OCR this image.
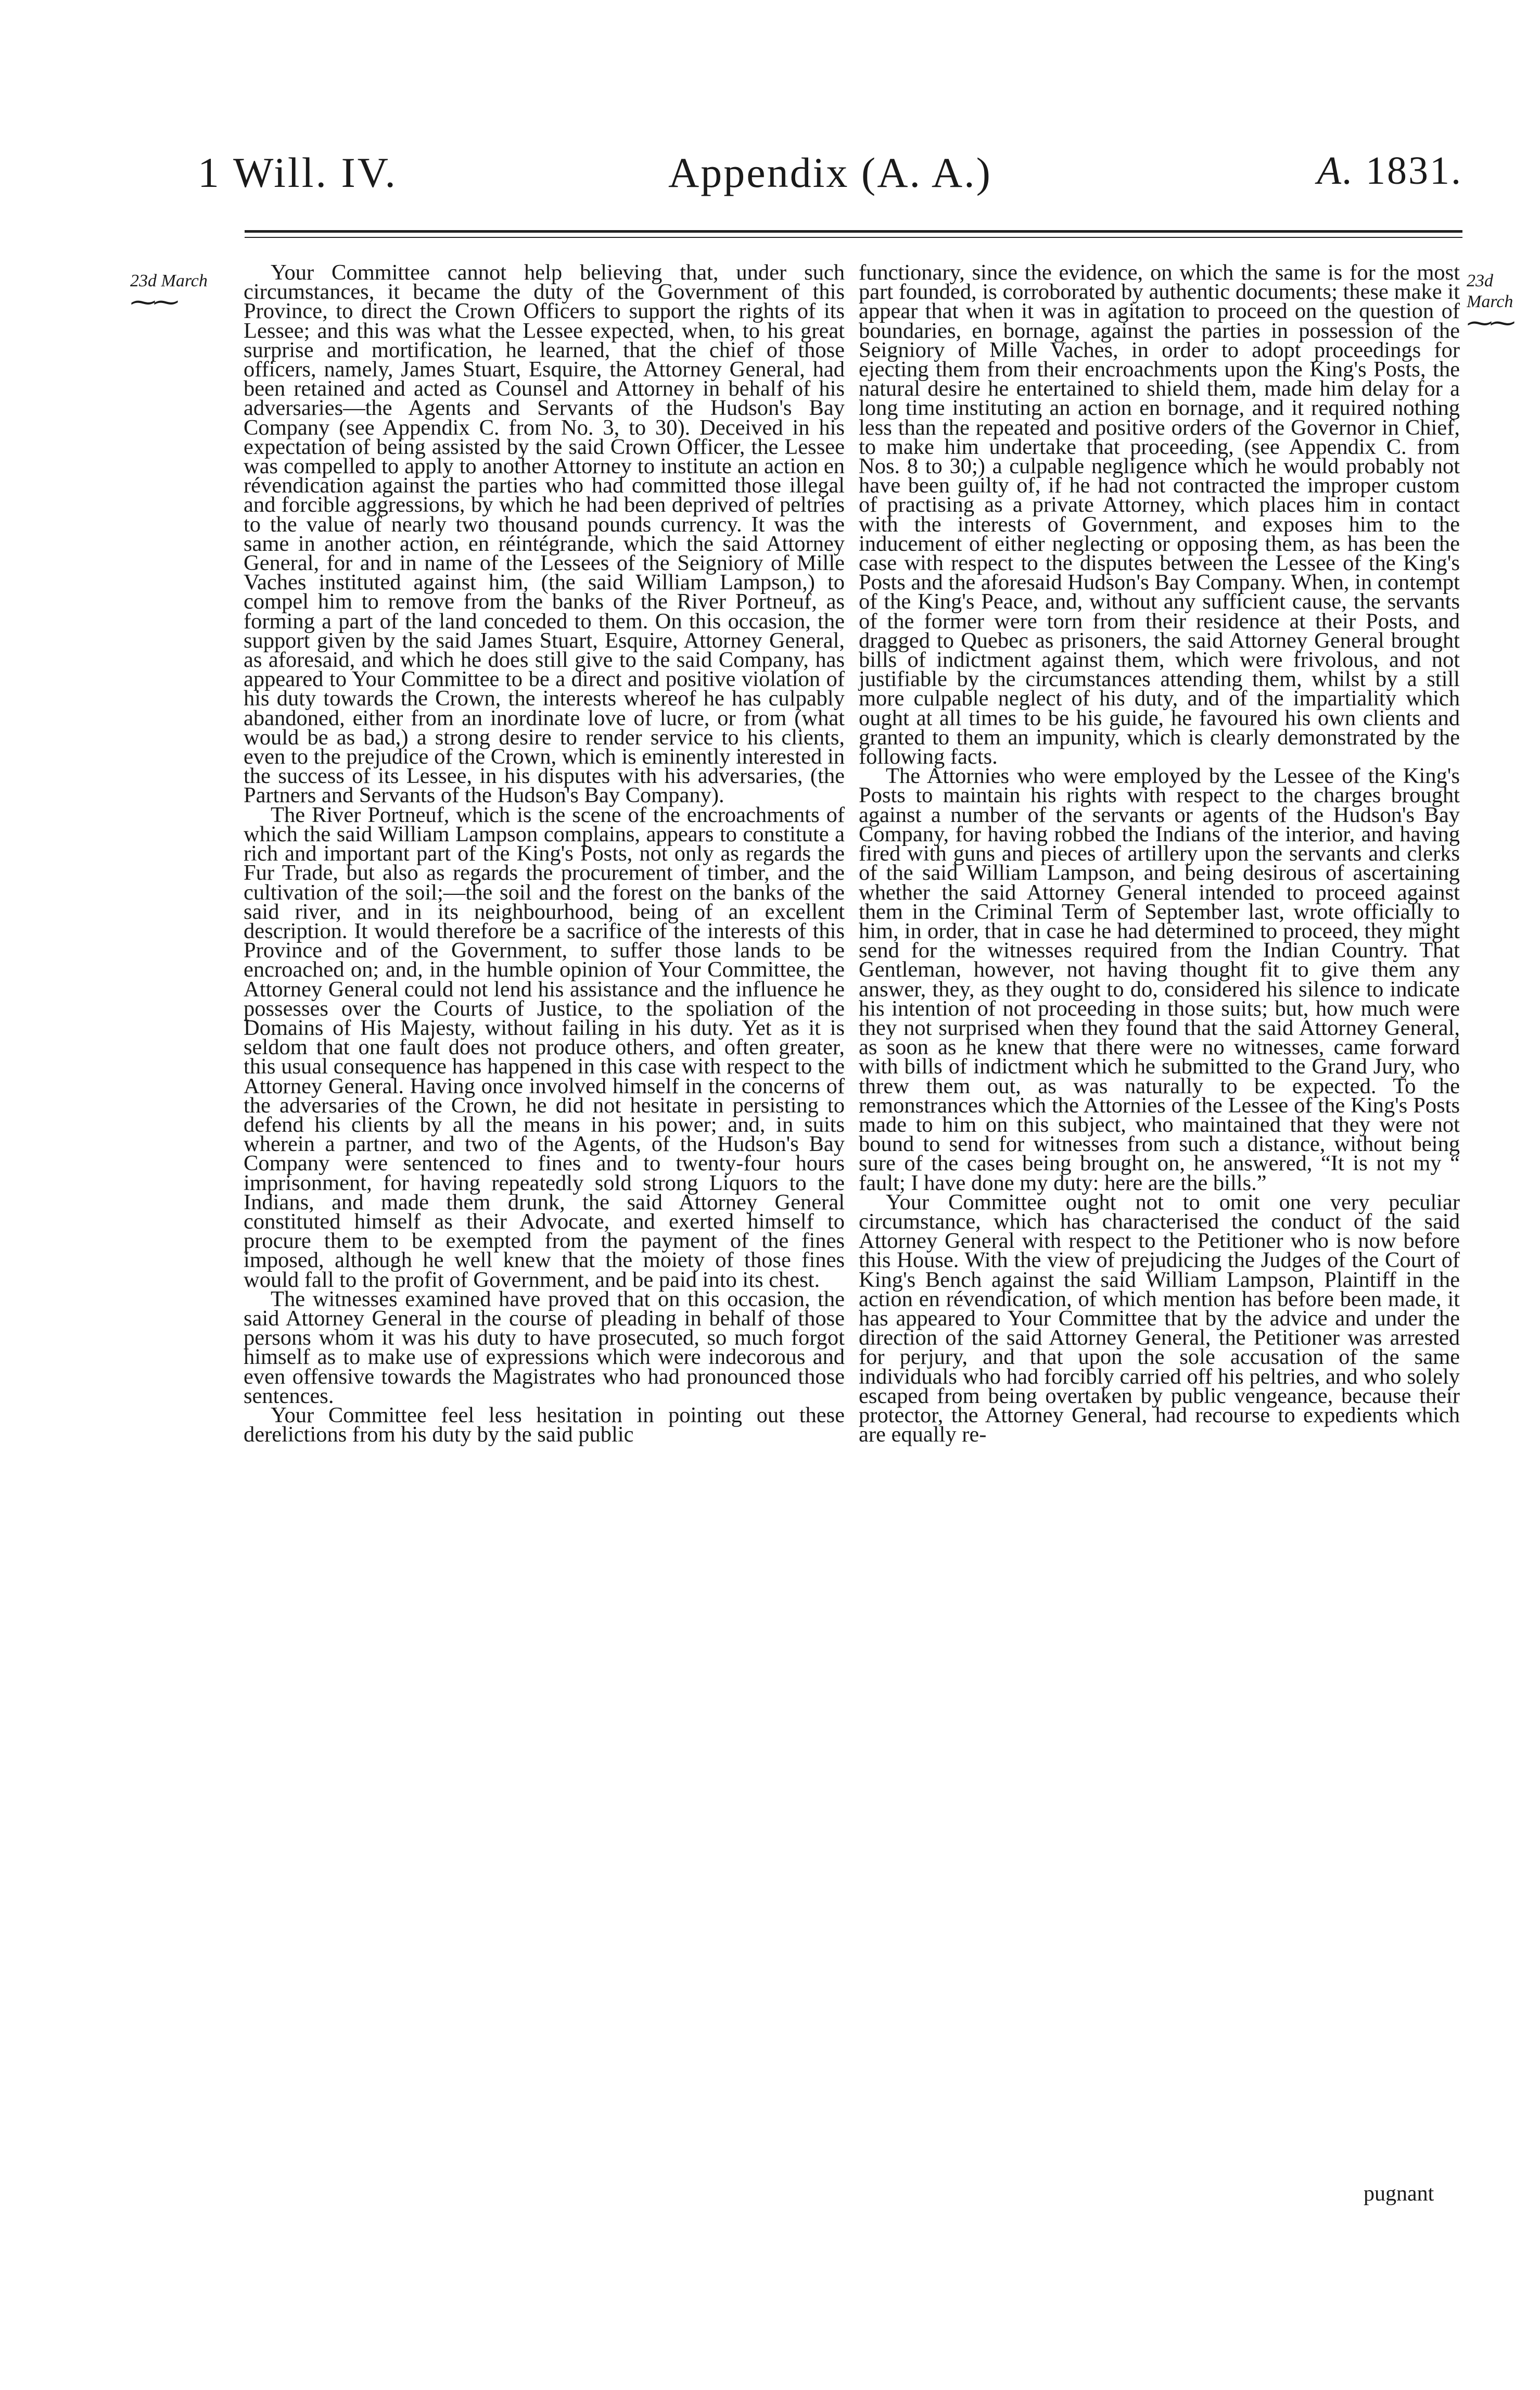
1 Will. IV.	Appendix (A. A.)	A. 1831.
23d March
⁓⁓
23d March
⁓⁓

Your Committee cannot help believing that, under such circumstances, it became the duty of the Government of this Province, to direct the Crown Officers to support the rights of its Lessee; and this was what the Lessee expected, when, to his great surprise and mortification, he learned, that the chief of those officers, namely, James Stuart, Esquire, the Attorney General, had been retained and acted as Counsel and Attorney in behalf of his adversaries—the Agents and Servants of the Hudson's Bay Company (see Appendix C. from No. 3, to 30). Deceived in his expectation of being assisted by the said Crown Officer, the Lessee was compelled to apply to another Attorney to institute an action en révendication against the parties who had committed those illegal and forcible aggressions, by which he had been deprived of peltries to the value of nearly two thousand pounds currency. It was the same in another action, en réintégrande, which the said Attorney General, for and in name of the Lessees of the Seigniory of Mille Vaches instituted against him, (the said William Lampson,) to compel him to remove from the banks of the River Portneuf, as forming a part of the land conceded to them. On this occasion, the support given by the said James Stuart, Esquire, Attorney General, as aforesaid, and which he does still give to the said Company, has appeared to Your Committee to be a direct and positive violation of his duty towards the Crown, the interests whereof he has culpably abandoned, either from an inordinate love of lucre, or from (what would be as bad,) a strong desire to render service to his clients, even to the prejudice of the Crown, which is eminently interested in the success of its Lessee, in his disputes with his adversaries, (the Partners and Servants of the Hudson's Bay Company).

The River Portneuf, which is the scene of the encroachments of which the said William Lampson complains, appears to constitute a rich and important part of the King's Posts, not only as regards the Fur Trade, but also as regards the procurement of timber, and the cultivation of the soil;—the soil and the forest on the banks of the said river, and in its neighbourhood, being of an excellent description. It would therefore be a sacrifice of the interests of this Province and of the Government, to suffer those lands to be encroached on; and, in the humble opinion of Your Committee, the Attorney General could not lend his assistance and the influence he possesses over the Courts of Justice, to the spoliation of the Domains of His Majesty, without failing in his duty. Yet as it is seldom that one fault does not produce others, and often greater, this usual consequence has happened in this case with respect to the Attorney General. Having once involved himself in the concerns of the adversaries of the Crown, he did not hesitate in persisting to defend his clients by all the means in his power; and, in suits wherein a partner, and two of the Agents, of the Hudson's Bay Company were sentenced to fines and to twenty-four hours imprisonment, for having repeatedly sold strong Liquors to the Indians, and made them drunk, the said Attorney General constituted himself as their Advocate, and exerted himself to procure them to be exempted from the payment of the fines imposed, although he well knew that the moiety of those fines would fall to the profit of Government, and be paid into its chest.

The witnesses examined have proved that on this occasion, the said Attorney General in the course of pleading in behalf of those persons whom it was his duty to have prosecuted, so much forgot himself as to make use of expressions which were indecorous and even offensive towards the Magistrates who had pronounced those sentences.

Your Committee feel less hesitation in pointing out these derelictions from his duty by the said public

functionary, since the evidence, on which the same is for the most part founded, is corroborated by authentic documents; these make it appear that when it was in agitation to proceed on the question of boundaries, en bornage, against the parties in possession of the Seigniory of Mille Vaches, in order to adopt proceedings for ejecting them from their encroachments upon the King's Posts, the natural desire he entertained to shield them, made him delay for a long time instituting an action en bornage, and it required nothing less than the repeated and positive orders of the Governor in Chief, to make him undertake that proceeding, (see Appendix C. from Nos. 8 to 30;) a culpable negligence which he would probably not have been guilty of, if he had not contracted the improper custom of practising as a private Attorney, which places him in contact with the interests of Government, and exposes him to the inducement of either neglecting or opposing them, as has been the case with respect to the disputes between the Lessee of the King's Posts and the aforesaid Hudson's Bay Company. When, in contempt of the King's Peace, and, without any sufficient cause, the servants of the former were torn from their residence at their Posts, and dragged to Quebec as prisoners, the said Attorney General brought bills of indictment against them, which were frivolous, and not justifiable by the circumstances attending them, whilst by a still more culpable neglect of his duty, and of the impartiality which ought at all times to be his guide, he favoured his own clients and granted to them an impunity, which is clearly demonstrated by the following facts.

The Attornies who were employed by the Lessee of the King's Posts to maintain his rights with respect to the charges brought against a number of the servants or agents of the Hudson's Bay Company, for having robbed the Indians of the interior, and having fired with guns and pieces of artillery upon the servants and clerks of the said William Lampson, and being desirous of ascertaining whether the said Attorney General intended to proceed against them in the Criminal Term of September last, wrote officially to him, in order, that in case he had determined to proceed, they might send for the witnesses required from the Indian Country. That Gentleman, however, not having thought fit to give them any answer, they, as they ought to do, considered his silence to indicate his intention of not proceeding in those suits; but, how much were they not surprised when they found that the said Attorney General, as soon as he knew that there were no witnesses, came forward with bills of indictment which he submitted to the Grand Jury, who threw them out, as was naturally to be expected. To the remonstrances which the Attornies of the Lessee of the King's Posts made to him on this subject, who maintained that they were not bound to send for witnesses from such a distance, without being sure of the cases being brought on, he answered, “It is not my “ fault; I have done my duty: here are the bills.”

Your Committee ought not to omit one very peculiar circumstance, which has characterised the conduct of the said Attorney General with respect to the Petitioner who is now before this House. With the view of prejudicing the Judges of the Court of King's Bench against the said William Lampson, Plaintiff in the action en révendication, of which mention has before been made, it has appeared to Your Committee that by the advice and under the direction of the said Attorney General, the Petitioner was arrested for perjury, and that upon the sole accusation of the same individuals who had forcibly carried off his peltries, and who solely escaped from being overtaken by public vengeance, because their protector, the Attorney General, had recourse to expedients which are equally re-

pugnant
